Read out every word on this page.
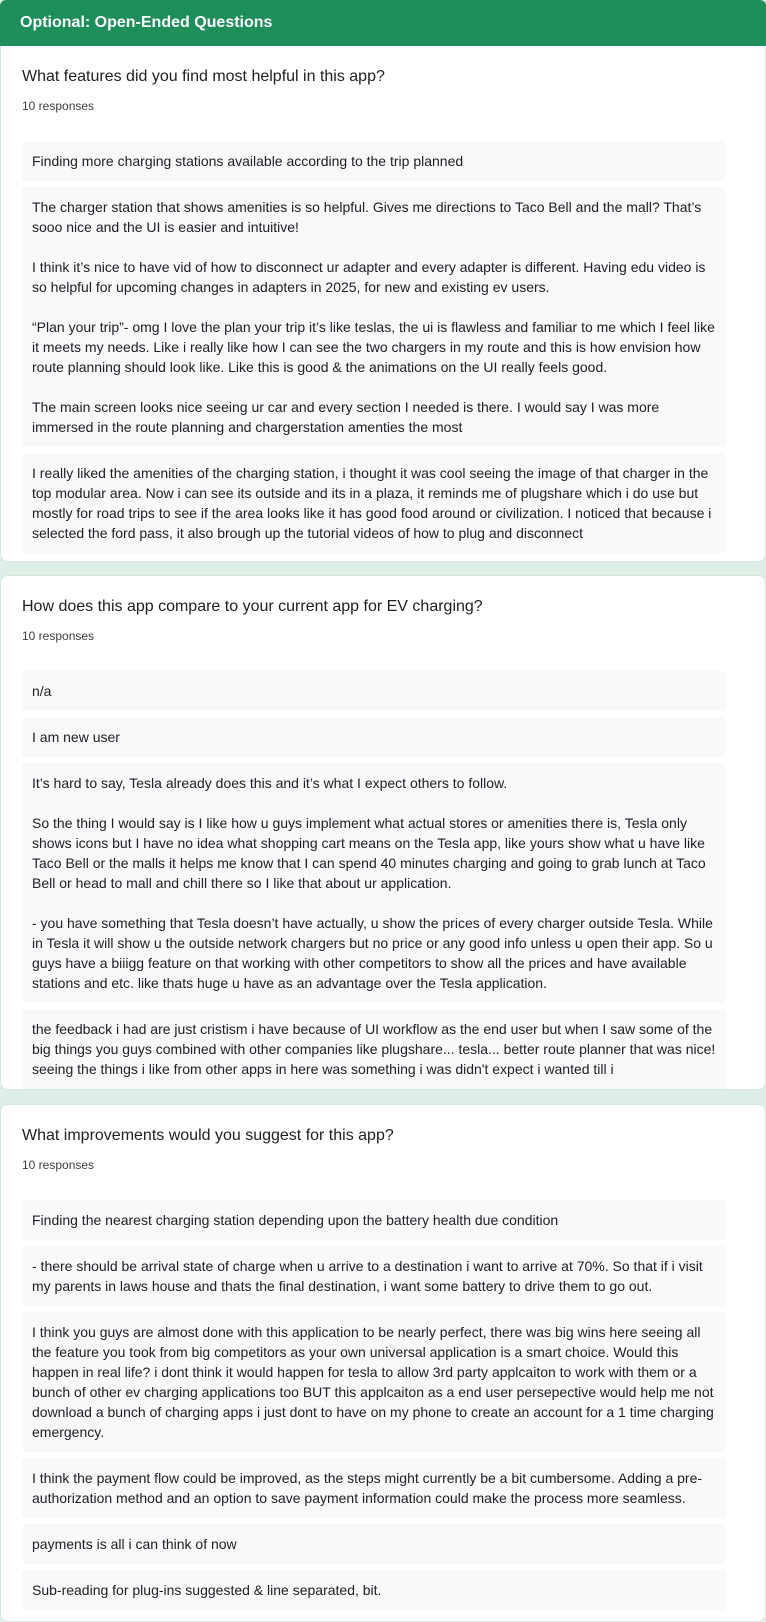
Optional: Open-Ended Questions
What features did you find most helpful in this app?
10 responses
Finding more charging stations available according to the trip planned
The charger station that shows amenities is so helpful. Gives me directions to Taco Bell and the mall? That’s sooo nice and the UI is easier and intuitive!

I think it’s nice to have vid of how to disconnect ur adapter and every adapter is different. Having edu video is so helpful for upcoming changes in adapters in 2025, for new and existing ev users.

“Plan your trip”- omg I love the plan your trip it’s like teslas, the ui is flawless and familiar to me which I feel like it meets my needs. Like i really like how I can see the two chargers in my route and this is how envision how route planning should look like. Like this is good & the animations on the UI really feels good.

The main screen looks nice seeing ur car and every section I needed is there. I would say I was more immersed in the route planning and chargerstation amenties the most
I really liked the amenities of the charging station, i thought it was cool seeing the image of that charger in the top modular area. Now i can see its outside and its in a plaza, it reminds me of plugshare which i do use but mostly for road trips to see if the area looks like it has good food around or civilization. I noticed that because i selected the ford pass, it also brough up the tutorial videos of how to plug and disconnect
How does this app compare to your current app for EV charging?
10 responses
n/a
I am new user
It’s hard to say, Tesla already does this and it’s what I expect others to follow.

So the thing I would say is I like how u guys implement what actual stores or amenities there is, Tesla only shows icons but I have no idea what shopping cart means on the Tesla app, like yours show what u have like Taco Bell or the malls it helps me know that I can spend 40 minutes charging and going to grab lunch at Taco Bell or head to mall and chill there so I like that about ur application.

- you have something that Tesla doesn’t have actually, u show the prices of every charger outside Tesla. While in Tesla it will show u the outside network chargers but no price or any good info unless u open their app. So u guys have a biiigg feature on that working with other competitors to show all the prices and have available stations and etc. like thats huge u have as an advantage over the Tesla application.
the feedback i had are just cristism i have because of UI workflow as the end user but when I saw some of the big things you guys combined with other companies like plugshare... tesla... better route planner that was nice! seeing the things i like from other apps in here was something i was didn't expect i wanted till i
What improvements would you suggest for this app?
10 responses
Finding the nearest charging station depending upon the battery health due condition
- there should be arrival state of charge when u arrive to a destination i want to arrive at 70%. So that if i visit my parents in laws house and thats the final destination, i want some battery to drive them to go out.
I think you guys are almost done with this application to be nearly perfect, there was big wins here seeing all the feature you took from big competitors as your own universal application is a smart choice. Would this happen in real life? i dont think it would happen for tesla to allow 3rd party applcaiton to work with them or a bunch of other ev charging applications too BUT this applcaiton as a end user persepective would help me not download a bunch of charging apps i just dont to have on my phone to create an account for a 1 time charging emergency.
I think the payment flow could be improved, as the steps might currently be a bit cumbersome. Adding a pre-authorization method and an option to save payment information could make the process more seamless.
payments is all i can think of now
Sub-reading for plug-ins suggested & line separated, bit.
